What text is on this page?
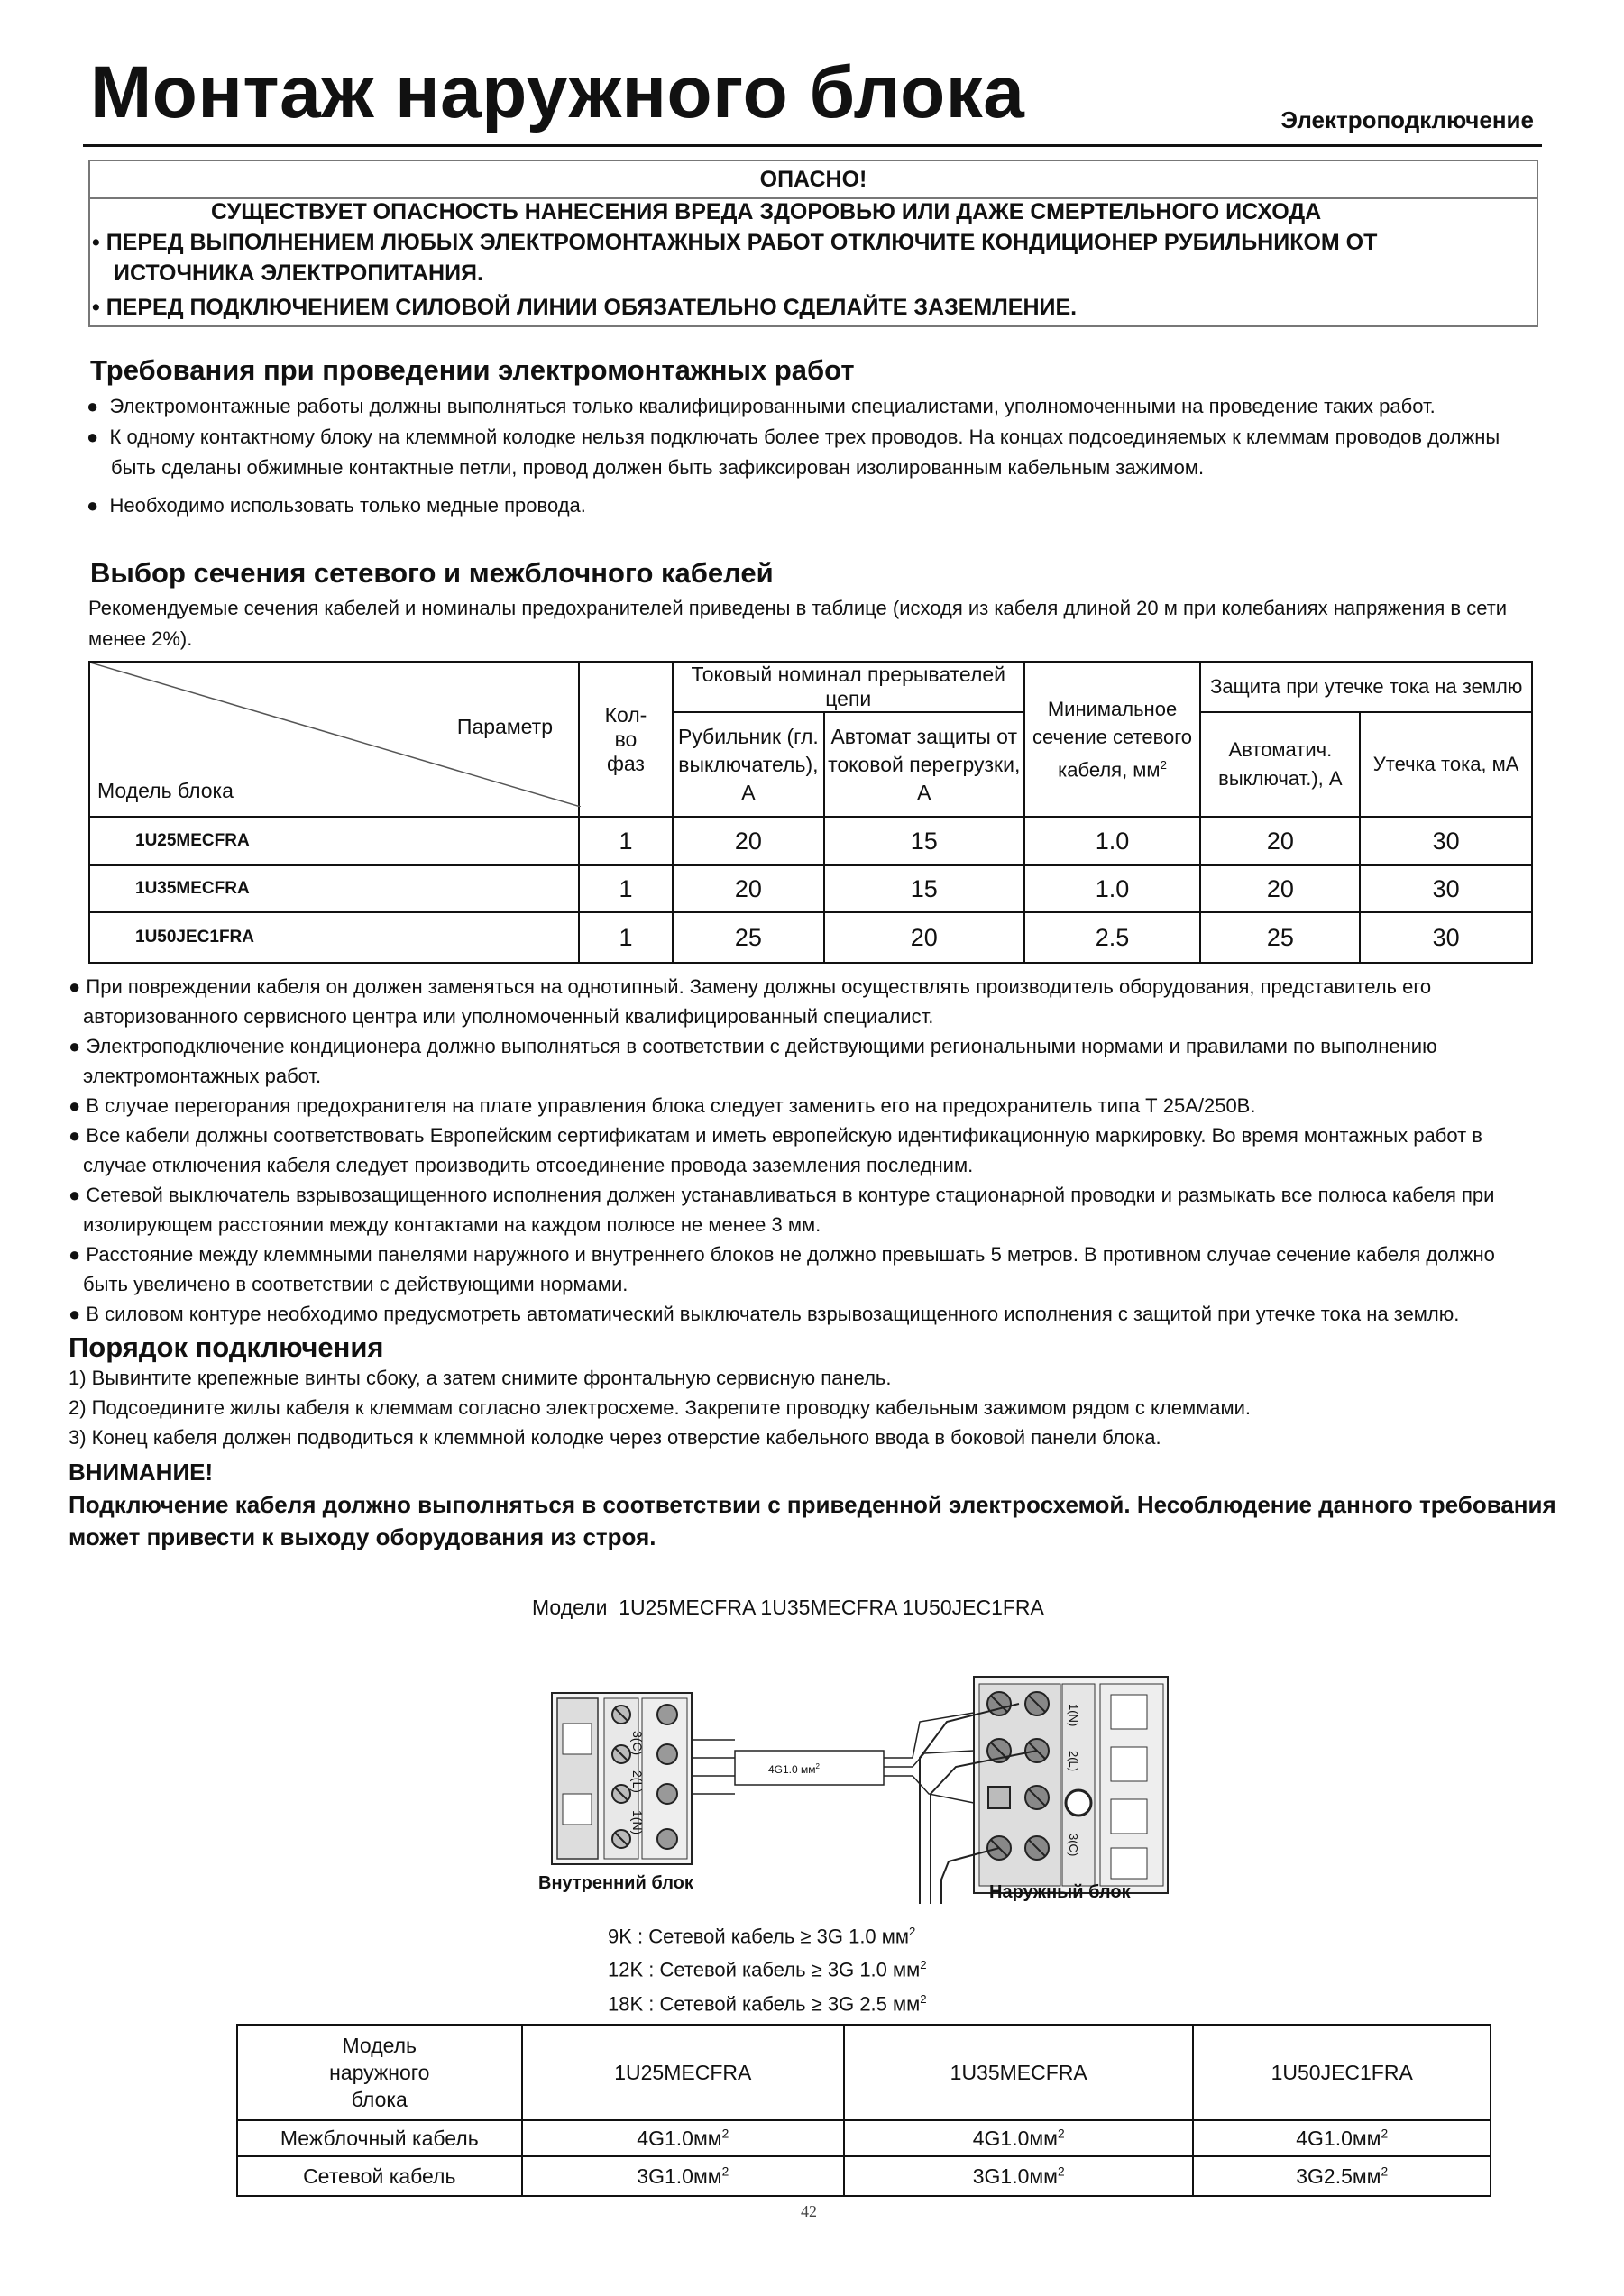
Монтаж наружного блока	Электроподключение
ОПАСНО!
СУЩЕСТВУЕТ ОПАСНОСТЬ НАНЕСЕНИЯ ВРЕДА ЗДОРОВЬЮ ИЛИ ДАЖЕ СМЕРТЕЛЬНОГО ИСХОДА
• ПЕРЕД ВЫПОЛНЕНИЕМ ЛЮБЫХ ЭЛЕКТРОМОНТАЖНЫХ РАБОТ ОТКЛЮЧИТЕ КОНДИЦИОНЕР РУБИЛЬНИКОМ ОТ
ИСТОЧНИКА ЭЛЕКТРОПИТАНИЯ.
• ПЕРЕД ПОДКЛЮЧЕНИЕМ СИЛОВОЙ ЛИНИИ ОБЯЗАТЕЛЬНО СДЕЛАЙТЕ ЗАЗЕМЛЕНИЕ.
Требования при проведении электромонтажных работ
●  Электромонтажные работы должны выполняться только квалифицированными специалистами, уполномоченными на проведение таких работ.
●  К одному контактному блоку на клеммной колодке нельзя подключать более трех проводов. На концах подсоединяемых к клеммам проводов должны
быть сделаны обжимные контактные петли, провод должен быть зафиксирован изолированным кабельным зажимом.
●  Необходимо использовать только медные провода.
Выбор сечения сетевого и межблочного кабелей
Рекомендуемые сечения кабелей и номиналы предохранителей приведены в таблице (исходя из кабеля длиной 20 м при колебаниях напряжения в сети
менее 2%).
Параметр
Модель блока	Кол-во фаз	Токовый номинал прерывателей цепи		Минимальное сечение сетевого кабеля, $мм^2$	Защита при утечке тока на землю	
		Рубильник (гл. выключатель), А	Автомат защиты от токовой перегрузки, А		Автоматич. выключат.), А	Утечка тока, мА
1U25MECFRA	1	20	15	1.0	20	30
1U35MECFRA	1	20	15	1.0	20	30
1U50JEC1FRA	1	25	20	2.5	25	30
● При повреждении кабеля он должен заменяться на однотипный. Замену должны осуществлять производитель оборудования, представитель его
авторизованного сервисного центра или уполномоченный квалифицированный специалист.
● Электроподключение кондиционера должно выполняться в соответствии с действующими региональными нормами и правилами по выполнению
электромонтажных работ.
● В случае перегорания предохранителя на плате управления блока следует заменить его на предохранитель типа Т 25А/250В.
● Все кабели должны соответствовать Европейским сертификатам и иметь европейскую идентификационную маркировку. Во время монтажных работ в
случае отключения кабеля следует производить отсоединение провода заземления последним.
● Сетевой выключатель взрывозащищенного исполнения должен устанавливаться в контуре стационарной проводки и размыкать все полюса кабеля при
изолирующем расстоянии между контактами на каждом полюсе не менее 3 мм.
● Расстояние между клеммными панелями наружного и внутреннего блоков не должно превышать 5 метров. В противном случае сечение кабеля должно
быть увеличено в соответствии с действующими нормами.
● В силовом контуре необходимо предусмотреть автоматический выключатель взрывозащищенного исполнения с защитой при утечке тока на землю.
Порядок подключения
1) Вывинтите крепежные винты сбоку, а затем снимите фронтальную сервисную панель.
2) Подсоедините жилы кабеля к клеммам согласно электросхеме. Закрепите проводку кабельным зажимом рядом с клеммами.
3) Конец кабеля должен подводиться к клеммной колодке через отверстие кабельного ввода в боковой панели блока.
ВНИМАНИЕ!
Подключение кабеля должно выполняться в соответствии с приведенной электросхемой. Несоблюдение данного требования
может привести к выходу оборудования из строя.
Модели 1U25MECFRA 1U35MECFRA 1U50JEC1FRA
3(C)
2(L)
1(N)
4G1.0 $мм^2$
1(N)
2(L)
3(C)
Внутренний блок	Наружный блок
9K : Сетевой кабель ≥ 3G 1.0 $мм^2$
12K : Сетевой кабель ≥ 3G 1.0 $мм^2$
18K : Сетевой кабель ≥ 3G 2.5 $мм^2$
Модель
наружного
блока	1U25MECFRA	1U35MECFRA	1U50JEC1FRA
Межблочный кабель	$4G1.0мм^2$	$4G1.0мм^2$	$4G1.0мм^2$
Сетевой кабель	$3G1.0мм^2$	$3G1.0мм^2$	$3G2.5мм^2$
42
